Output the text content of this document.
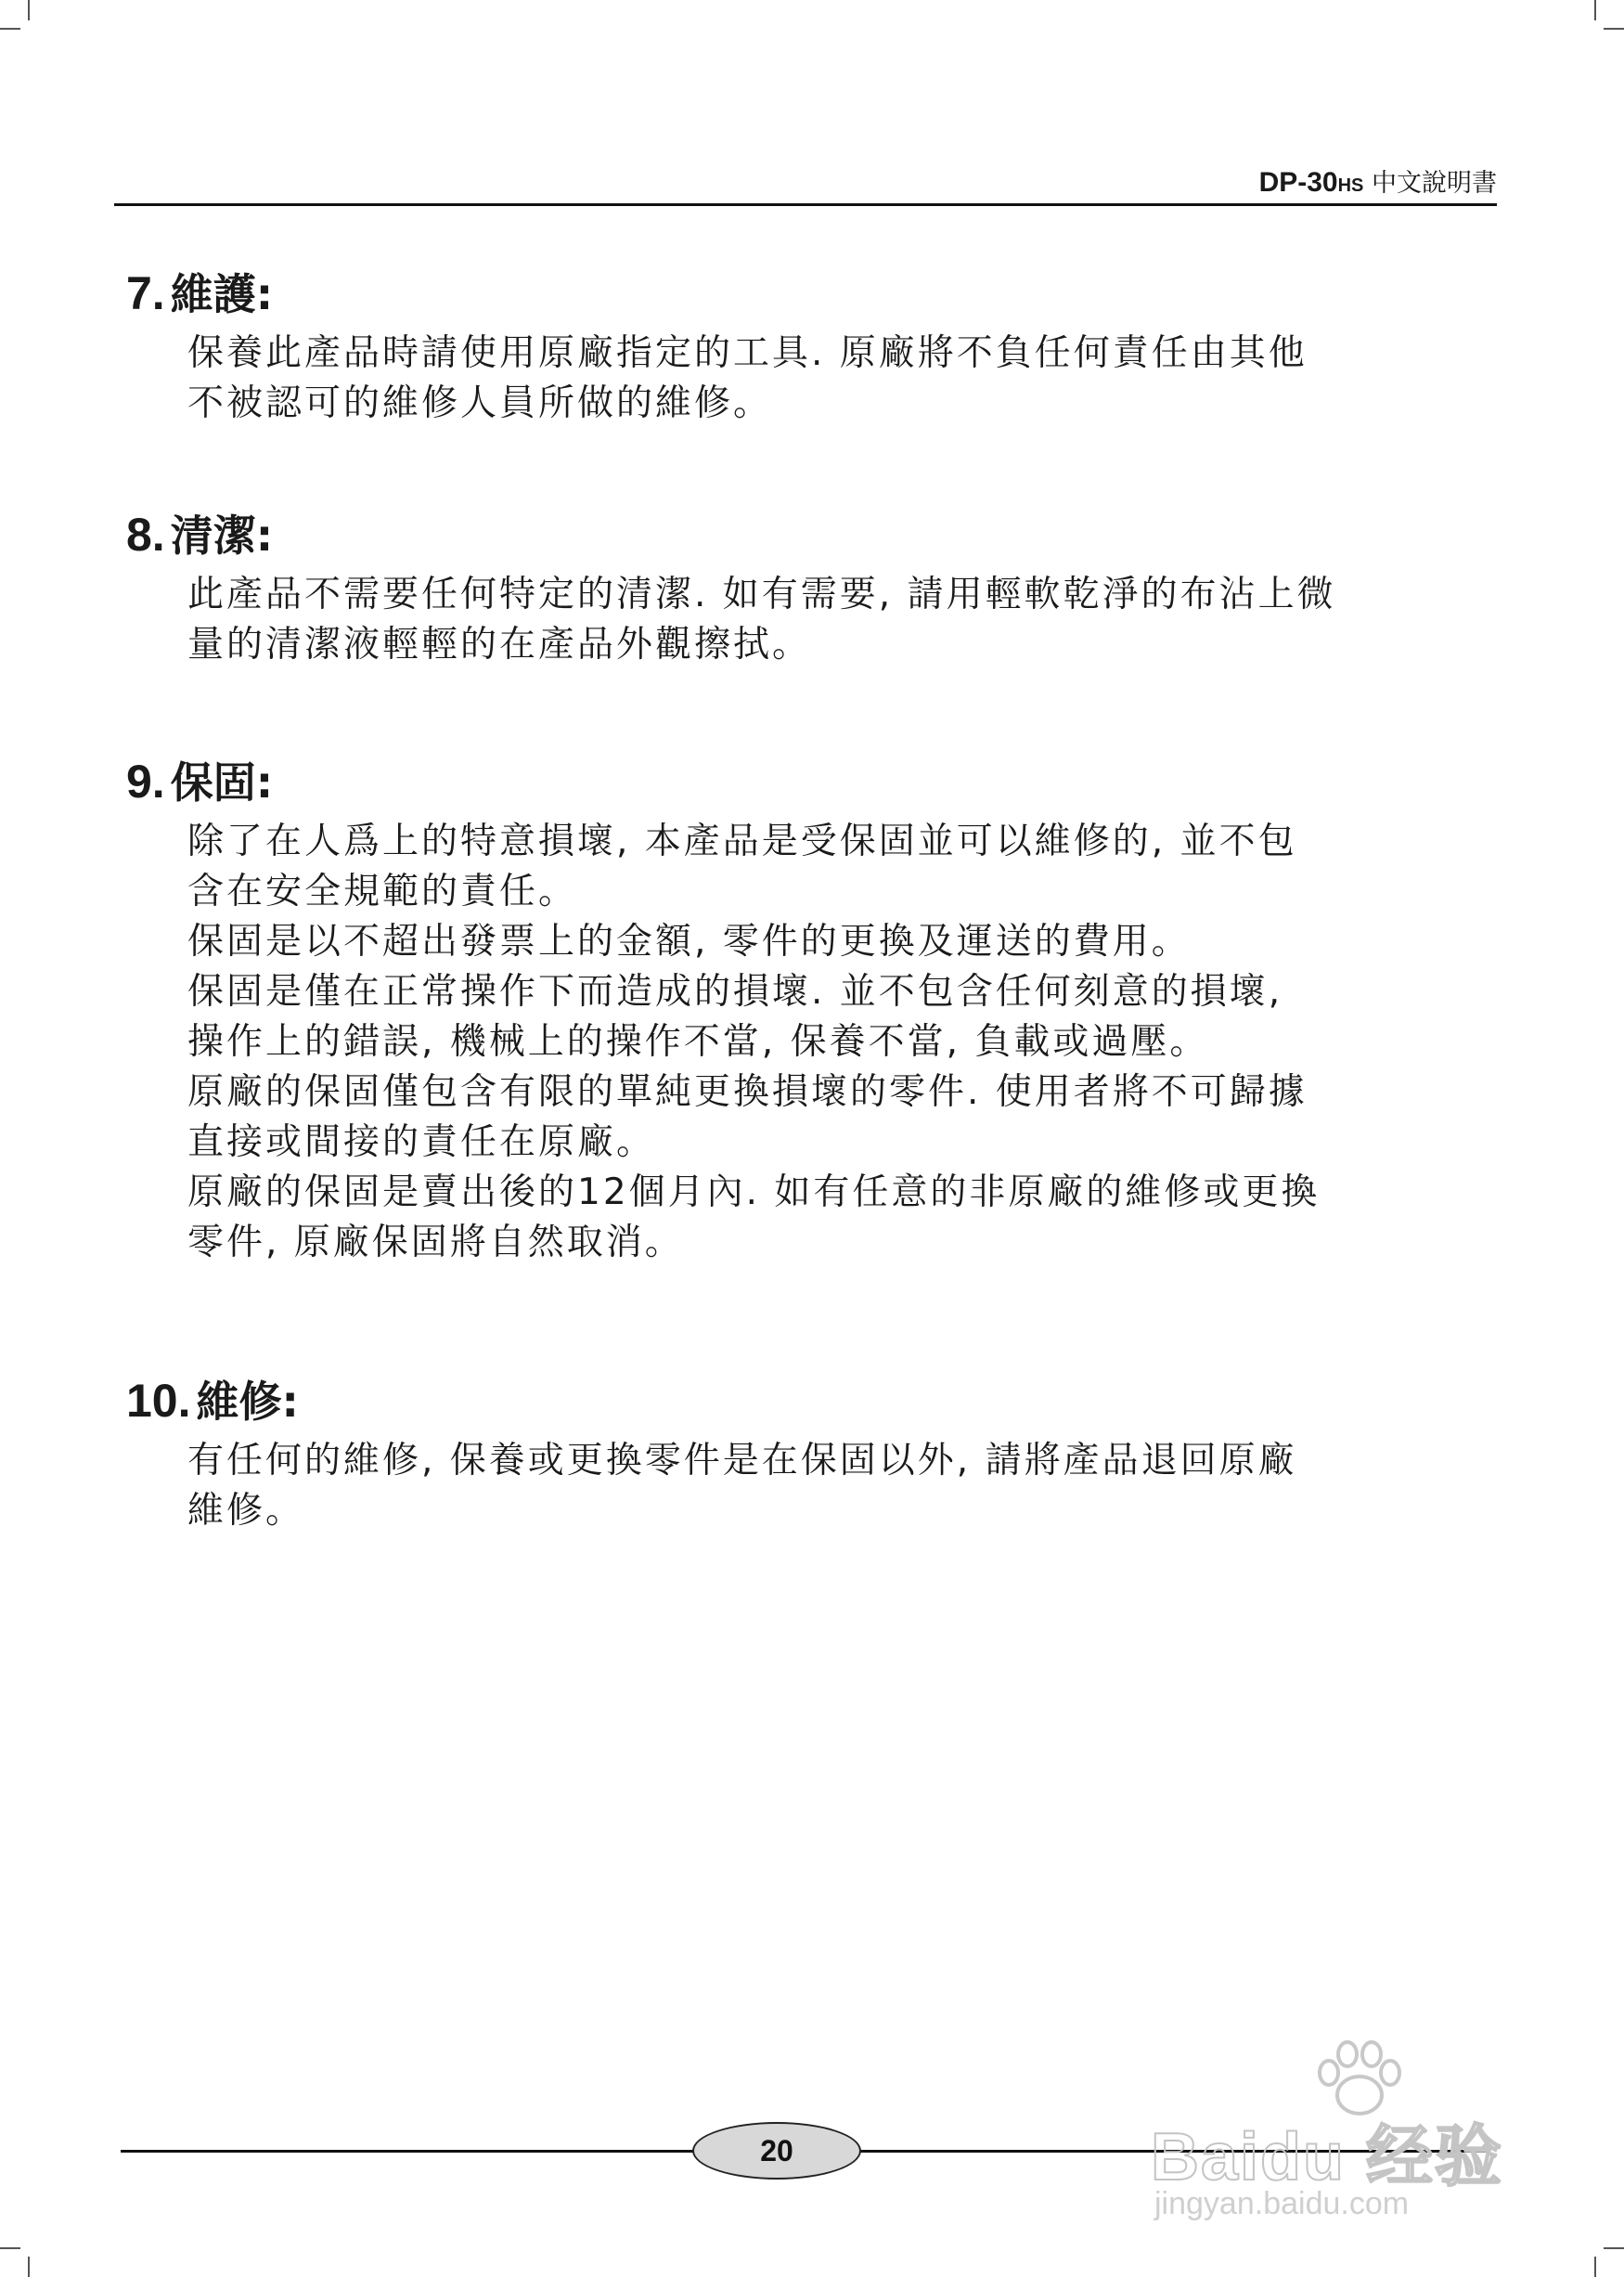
DP-30HS 中文說明書
7. 維護:
保養此產品時請使用原廠指定的工具. 原廠將不負任何責任由其他
不被認可的維修人員所做的維修。
8. 清潔:
此產品不需要任何特定的清潔. 如有需要, 請用輕軟乾淨的布沾上微
量的清潔液輕輕的在產品外觀擦拭。
9. 保固:
除了在人爲上的特意損壞, 本產品是受保固並可以維修的, 並不包
含在安全規範的責任。
保固是以不超出發票上的金額, 零件的更換及運送的費用。
保固是僅在正常操作下而造成的損壞. 並不包含任何刻意的損壞,
操作上的錯誤, 機械上的操作不當, 保養不當, 負載或過壓。
原廠的保固僅包含有限的單純更換損壞的零件. 使用者將不可歸據
直接或間接的責任在原廠。
原廠的保固是賣出後的12個月內. 如有任意的非原廠的維修或更換
零件, 原廠保固將自然取消。
10. 維修:
有任何的維修, 保養或更換零件是在保固以外, 請將產品退回原廠
維修。
20	Baidu 经验
jingyan.baidu.com
